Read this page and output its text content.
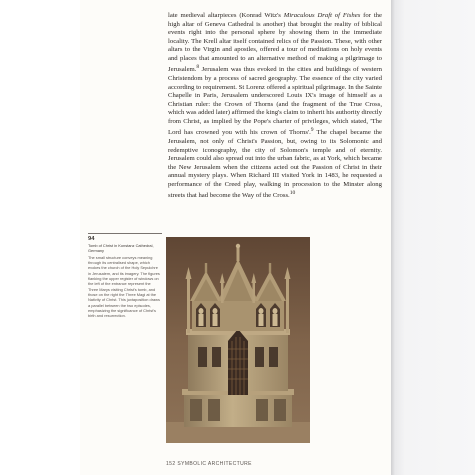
late medieval altarpieces (Konrad Witz's Miraculous Draft of Fishes for the high altar of Geneva Cathedral is another) that brought the reality of biblical events right into the personal sphere by showing them in the immediate locality. The Krell altar itself contained relics of the Passion. These, with other altars to the Virgin and apostles, offered a tour of meditations on holy events and places that amounted to an alternative method of making a pilgrimage to Jerusalem.$^8$ Jerusalem was thus evoked in the cities and buildings of western Christendom by a process of sacred geography. The essence of the city varied according to requirement. St Lorenz offered a spiritual pilgrimage. In the Sainte Chapelle in Paris, Jerusalem underscored Louis IX's image of himself as a Christian ruler: the Crown of Thorns (and the fragment of the True Cross, which was added later) affirmed the king's claim to inherit his authority directly from Christ, as implied by the Pope's charter of privileges, which stated, 'The Lord has crowned you with his crown of Thorns'.$^9$ The chapel became the Jerusalem, not only of Christ's Passion, but, owing to its Solomonic and redemptive iconography, the city of Solomon's temple and of eternity. Jerusalem could also spread out into the urban fabric, as at York, which became the New Jerusalem when the citizens acted out the Passion of Christ in their annual mystery plays. When Richard III visited York in 1483, he requested a performance of the Creed play, walking in procession to the Minster along streets that had become the Way of the Cross.$^{10}$

94

Tomb of Christ in Konstanz Cathedral, Germany
The small structure conveys meaning through its centralised shape, which evokes the church of the Holy Sepulchre in Jerusalem, and its imagery. The figures flanking the upper register of windows on the left of the entrance represent the Three Marys visiting Christ's tomb, and those on the right the Three Magi at the Nativity of Christ. This juxtaposition draws a parallel between the two episodes, emphasizing the significance of Christ's birth and resurrection.

152 SYMBOLIC ARCHITECTURE
